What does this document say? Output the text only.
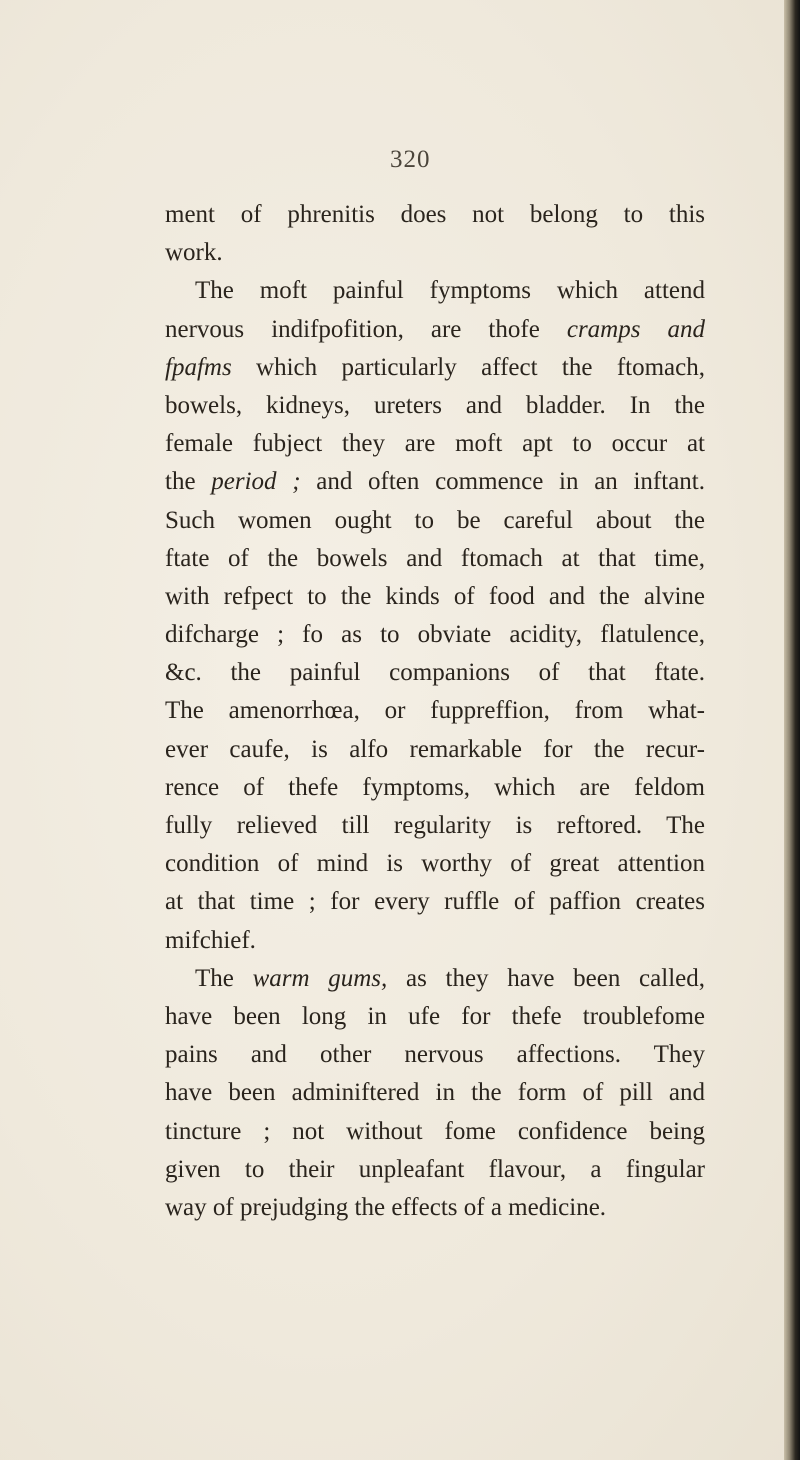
320
ment of phrenitis does not belong to this
work.
The moft painful fymptoms which attend
nervous indifpofition, are thofe cramps and
fpafms which particularly affect the ftomach,
bowels, kidneys, ureters and bladder. In the
female fubject they are moft apt to occur at
the period ; and often commence in an inftant.
Such women ought to be careful about the
ftate of the bowels and ftomach at that time,
with refpect to the kinds of food and the alvine
difcharge ; fo as to obviate acidity, flatulence,
&c. the painful companions of that ftate.
The amenorrhœa, or fuppreffion, from what-
ever caufe, is alfo remarkable for the recur-
rence of thefe fymptoms, which are feldom
fully relieved till regularity is reftored. The
condition of mind is worthy of great attention
at that time ; for every ruffle of paffion creates
mifchief.
The warm gums, as they have been called,
have been long in ufe for thefe troublefome
pains and other nervous affections. They
have been adminiftered in the form of pill and
tincture ; not without fome confidence being
given to their unpleafant flavour, a fingular
way of prejudging the effects of a medicine.
